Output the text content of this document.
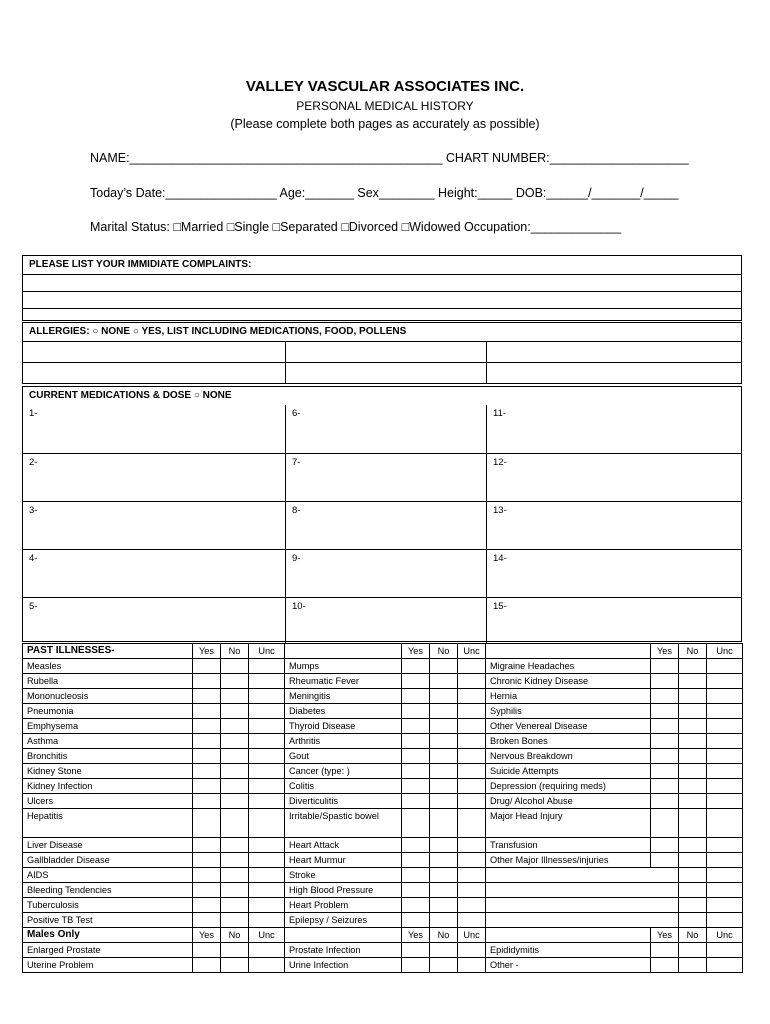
VALLEY VASCULAR ASSOCIATES INC.
PERSONAL MEDICAL HISTORY
(Please complete both pages as accurately as possible)
NAME:_____________________________________________ CHART NUMBER:____________________
Today’s Date:________________ Age:_______ Sex________ Height:_____ DOB:______/_______/_____
Marital Status: □Married □Single □Separated □Divorced □Widowed Occupation:_____________
PLEASE LIST YOUR IMMIDIATE COMPLAINTS:
ALLERGIES: ○ NONE ○ YES, LIST INCLUDING MEDICATIONS, FOOD, POLLENS
CURRENT MEDICATIONS & DOSE ○ NONE
1-	6-	11-
2-	7-	12-
3-	8-	13-
4-	9-	14-
5-	10-	15-
PAST ILLNESSES-	Yes	No	Unc		Yes	No	Unc		Yes	No	Unc
Measles				Mumps				Migraine Headaches			
Rubella				Rheumatic Fever				Chronic Kidney Disease			
Mononucleosis				Meningitis				Hernia			
Pneumonia				Diabetes				Syphilis			
Emphysema				Thyroid Disease				Other Venereal Disease			
Asthma				Arthritis				Broken Bones			
Bronchitis				Gout				Nervous Breakdown			
Kidney Stone				Cancer (type: )				Suicide Attempts			
Kidney Infection				Colitis				Depression (requiring meds)			
Ulcers				Diverticulitis				Drug/ Alcohol Abuse			
Hepatitis				Irritable/Spastic bowel				Major Head Injury			
Liver Disease				Heart Attack				Transfusion			
Gallbladder Disease				Heart Murmur				Other Major Illnesses/injuries			
AIDS				Stroke							
Bleeding Tendencies				High Blood Pressure							
Tuberculosis				Heart Problem							
Positive TB Test				Epilepsy / Seizures							
Males Only	Yes	No	Unc		Yes	No	Unc		Yes	No	Unc
Enlarged Prostate				Prostate Infection				Epididymitis			
Uterine Problem				Urine Infection				Other -			
